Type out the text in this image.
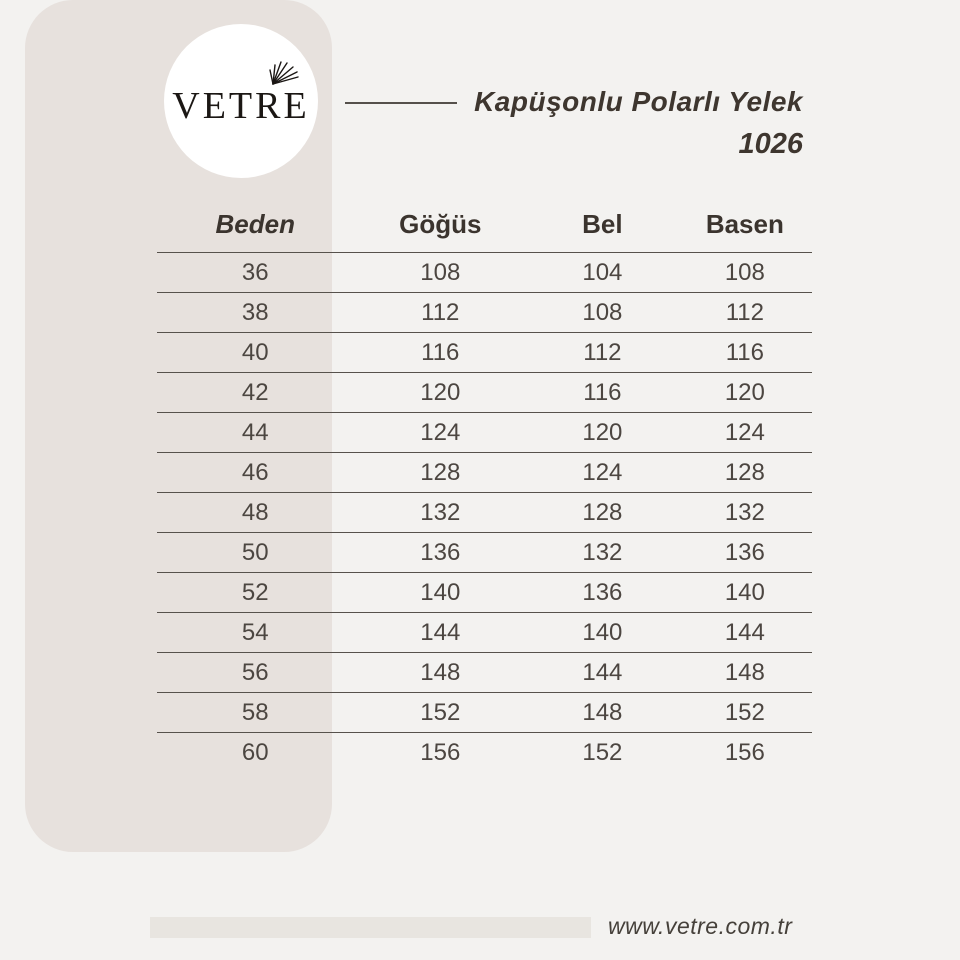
VETRE	Kapüşonlu Polarlı Yelek
1026
Beden	Göğüs	Bel	Basen
36	108	104	108
38	112	108	112
40	116	112	116
42	120	116	120
44	124	120	124
46	128	124	128
48	132	128	132
50	136	132	136
52	140	136	140
54	144	140	144
56	148	144	148
58	152	148	152
60	156	152	156
www.vetre.com.tr
